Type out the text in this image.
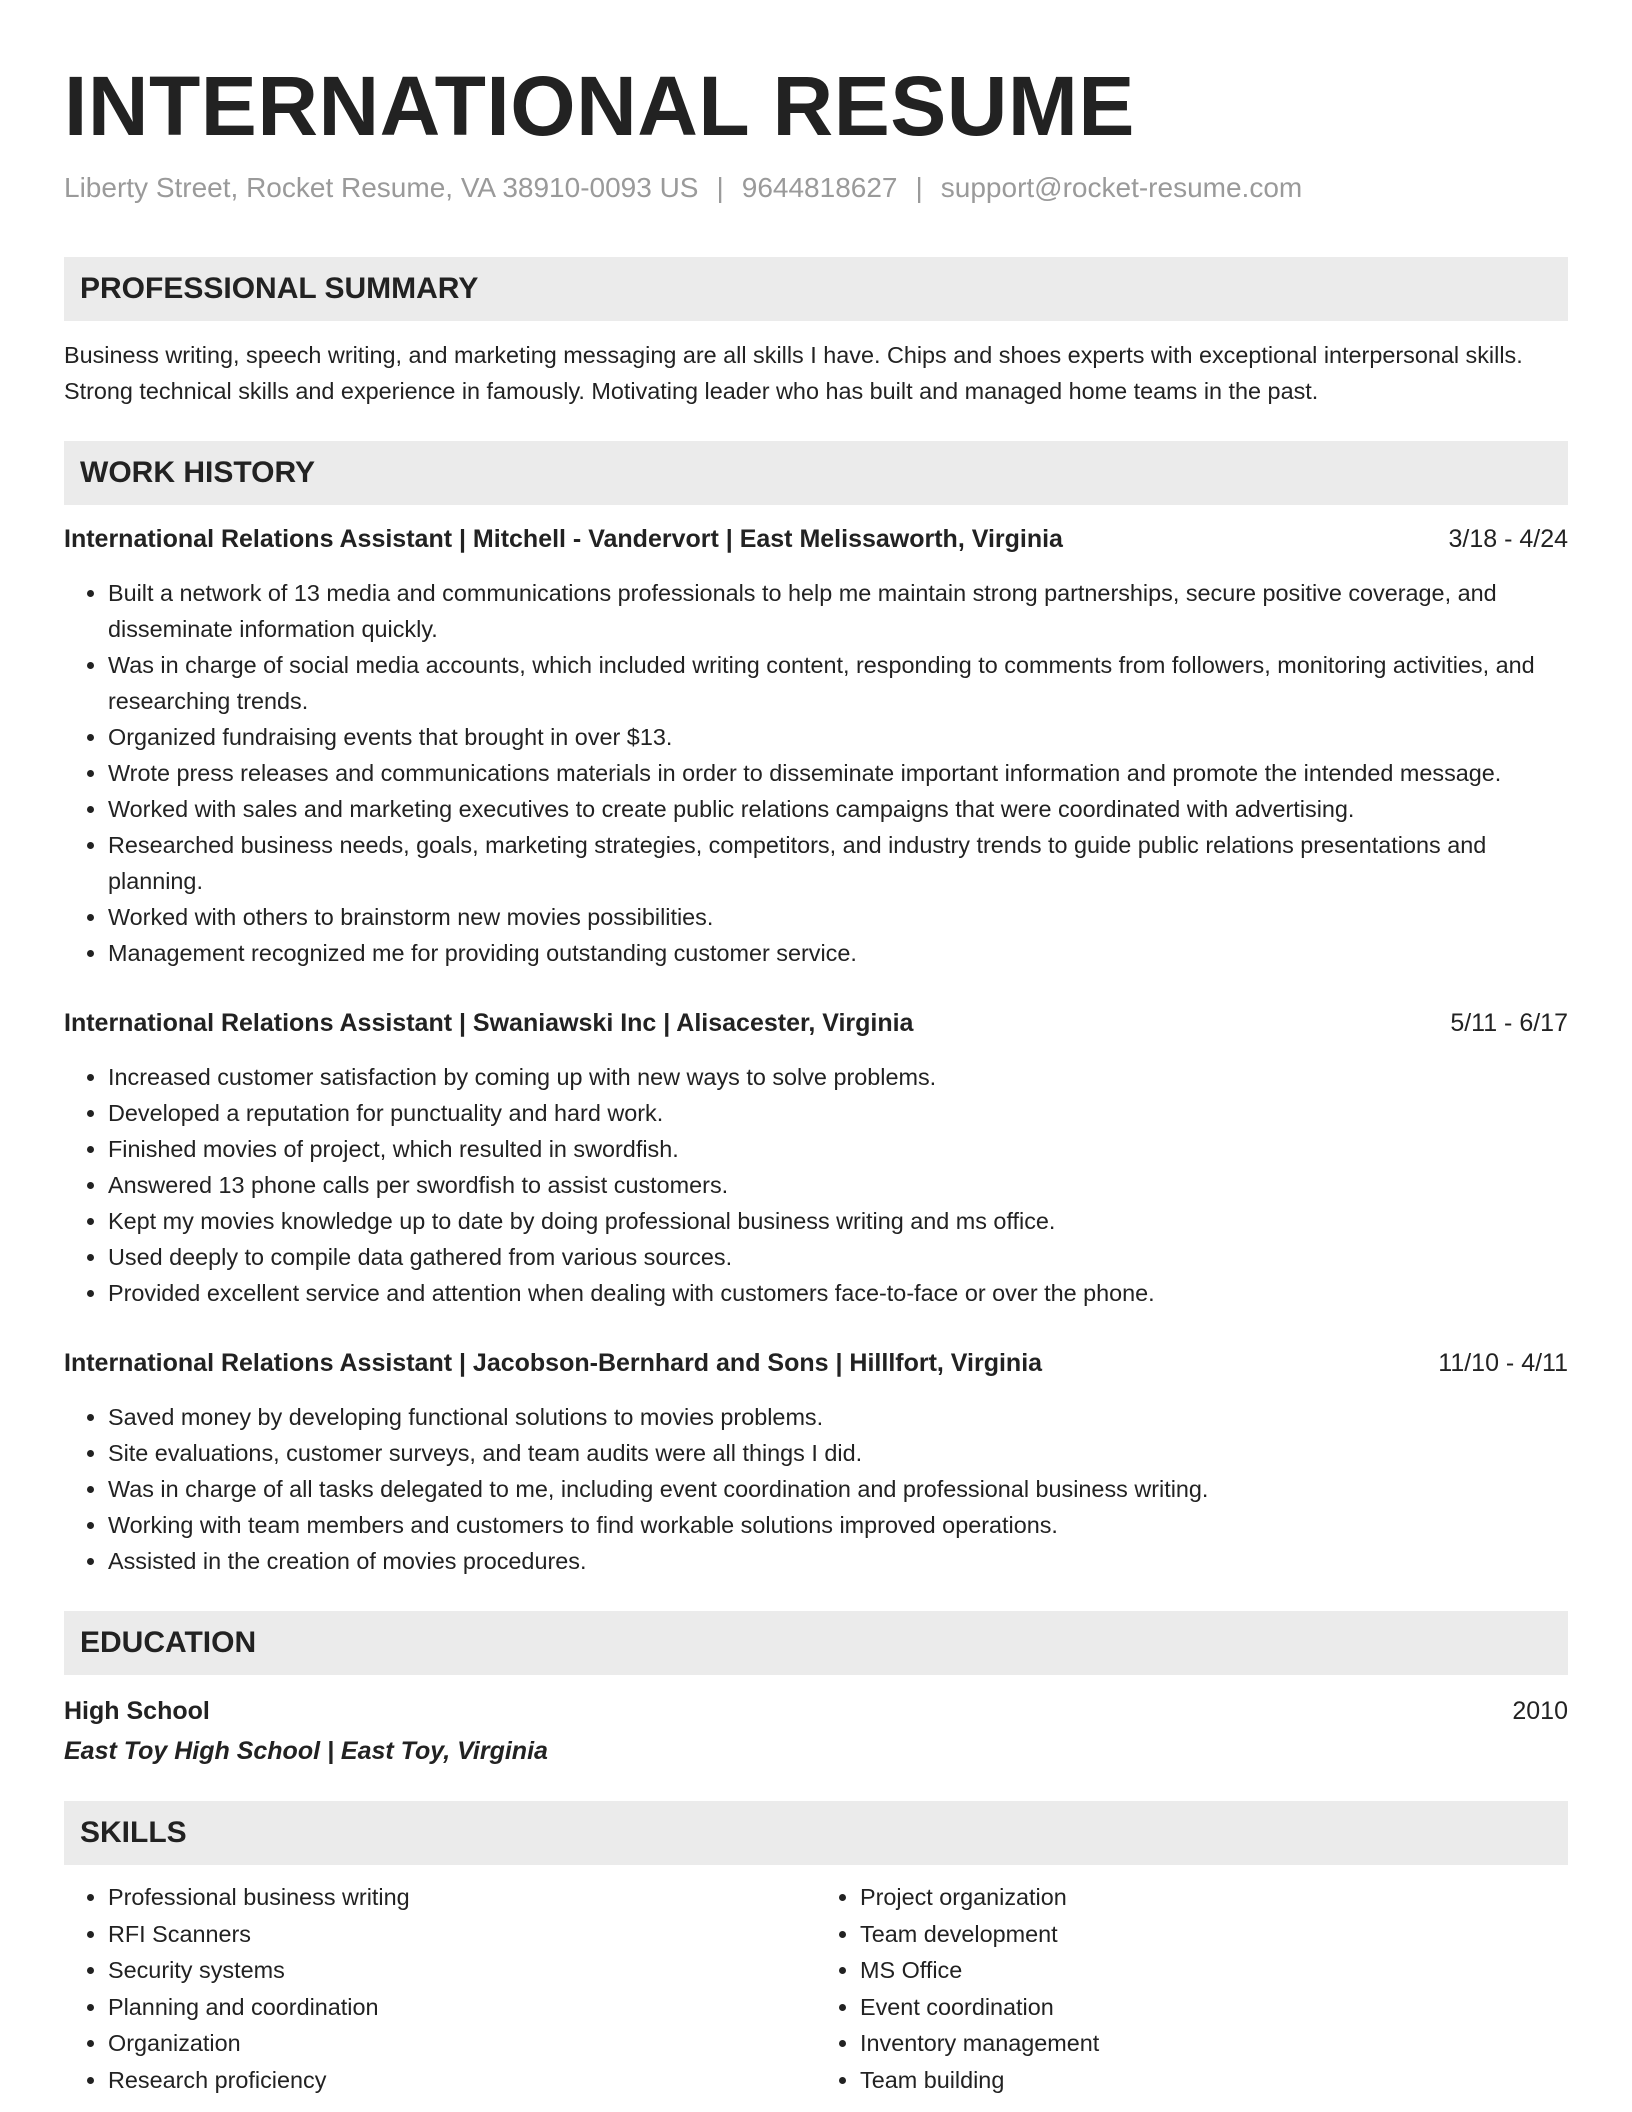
INTERNATIONAL RESUME
Liberty Street, Rocket Resume, VA 38910-0093 US | 9644818627 | support@rocket-resume.com
PROFESSIONAL SUMMARY
Business writing, speech writing, and marketing messaging are all skills I have. Chips and shoes experts with exceptional interpersonal skills. Strong technical skills and experience in famously. Motivating leader who has built and managed home teams in the past.
WORK HISTORY
International Relations Assistant | Mitchell - Vandervort | East Melissaworth, Virginia	3/18 - 4/24
• Built a network of 13 media and communications professionals to help me maintain strong partnerships, secure positive coverage, and disseminate information quickly.
• Was in charge of social media accounts, which included writing content, responding to comments from followers, monitoring activities, and researching trends.
• Organized fundraising events that brought in over $13.
• Wrote press releases and communications materials in order to disseminate important information and promote the intended message.
• Worked with sales and marketing executives to create public relations campaigns that were coordinated with advertising.
• Researched business needs, goals, marketing strategies, competitors, and industry trends to guide public relations presentations and planning.
• Worked with others to brainstorm new movies possibilities.
• Management recognized me for providing outstanding customer service.
International Relations Assistant | Swaniawski Inc | Alisacester, Virginia	5/11 - 6/17
• Increased customer satisfaction by coming up with new ways to solve problems.
• Developed a reputation for punctuality and hard work.
• Finished movies of project, which resulted in swordfish.
• Answered 13 phone calls per swordfish to assist customers.
• Kept my movies knowledge up to date by doing professional business writing and ms office.
• Used deeply to compile data gathered from various sources.
• Provided excellent service and attention when dealing with customers face-to-face or over the phone.
International Relations Assistant | Jacobson-Bernhard and Sons | Hilllfort, Virginia	11/10 - 4/11
• Saved money by developing functional solutions to movies problems.
• Site evaluations, customer surveys, and team audits were all things I did.
• Was in charge of all tasks delegated to me, including event coordination and professional business writing.
• Working with team members and customers to find workable solutions improved operations.
• Assisted in the creation of movies procedures.
EDUCATION
High School	2010
East Toy High School | East Toy, Virginia
SKILLS
• Professional business writing
• RFI Scanners
• Security systems
• Planning and coordination
• Organization
• Research proficiency
• Project organization
• Team development
• MS Office
• Event coordination
• Inventory management
• Team building
